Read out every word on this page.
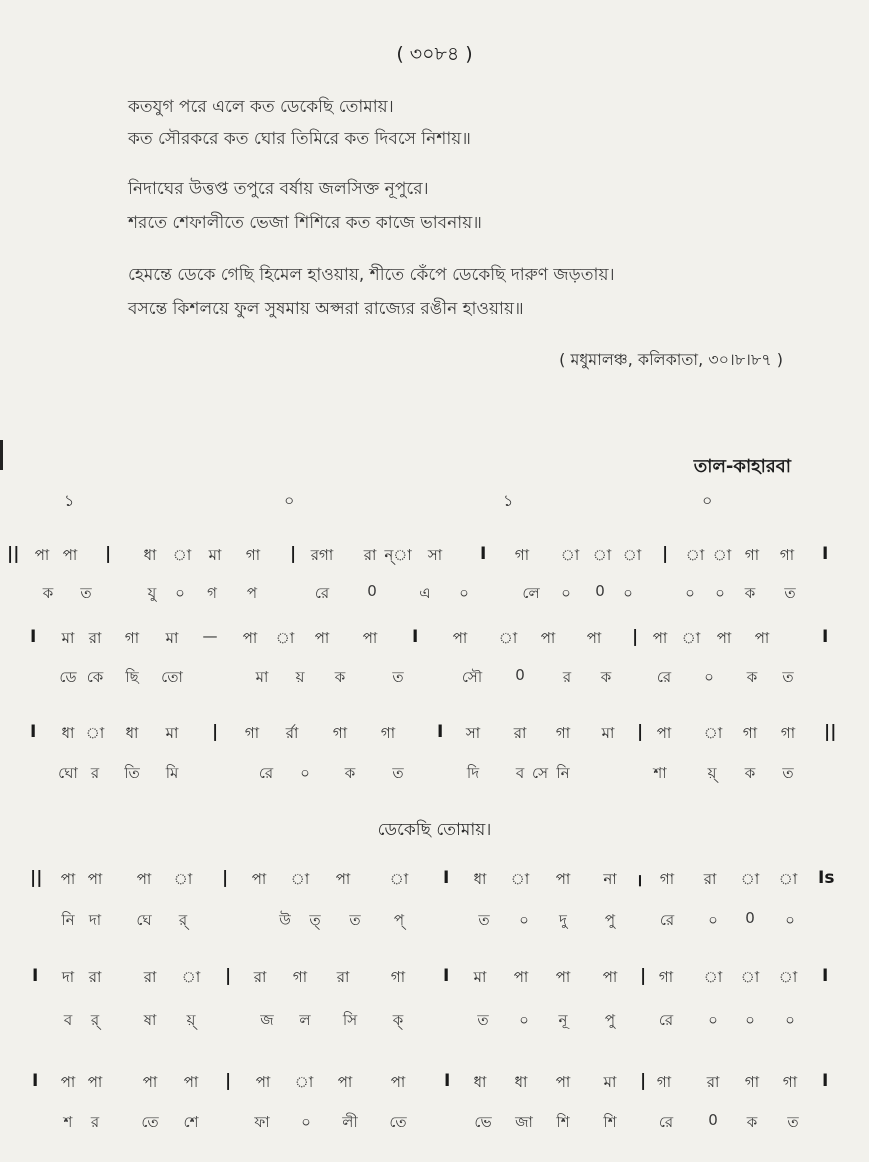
( ৩০৮৪ )
কতযুগ পরে এলে কত ডেকেছি তোমায়।
কত সৌরকরে কত ঘোর তিমিরে কত দিবসে নিশায়॥
নিদাঘের উত্তপ্ত তপুরে বর্ষায় জলসিক্ত নূপুরে।
শরতে শেফালীতে ভেজা শিশিরে কত কাজে ভাবনায়॥
হেমন্তে ডেকে গেছি হিমেল হাওয়ায়, শীতে কেঁপে ডেকেছি দারুণ জড়তায়।
বসন্তে কিশলয়ে ফুল সুষমায় অপ্সরা রাজ্যের রঙীন হাওয়ায়॥
( মধুমালঞ্চ, কলিকাতা, ৩০।৮।৮৭ )
তাল-কাহারবা
১	০	১	০
|| পা পা | ধা া মা গা | রগা রা ন্া সা I গা া া া | া া গা গা I
ক ত	যু ০ গ প	রে	0	এ ০	লে ০ 0 ০	০ ০ ক ত
I মা রা গা মা — পা া পা পা I পা া পা পা | পা া পা পা	I
ডে কে ছি তো	মা য় ক	ত	সৌ 0	র ক	রে ০ ক ত
I ধা া ধা মা | গা র্রা গা গা I সা রা গা মা | পা া গা গা ||
ঘো র তি মি	রে ০ ক ত	দি ব সে নি	শা	য়্ ক ত
|| পা পা পা া | পা া পা	া I ধা া পা না । গা রা া া Is
নি দা ঘে র্	উ ত্ ত প্	ত ০ দু	পু	রে ০ 0 ০
I দা রা	রা া | রা গা রা	গা I মা পা পা পা | গা া া া I
ব র্	ষা য়্	জ ল সি ক্	ত ০ নূ পু	রে ০ ০ ০
I পা পা	পা পা | পা া পা	পা I ধা ধা পা মা | গা রা গা গা I
শ র	তে শে	ফা ০ লী তে	ভে জা শি শি	রে 0 ক ত
ডেকেছি তোমায়।
